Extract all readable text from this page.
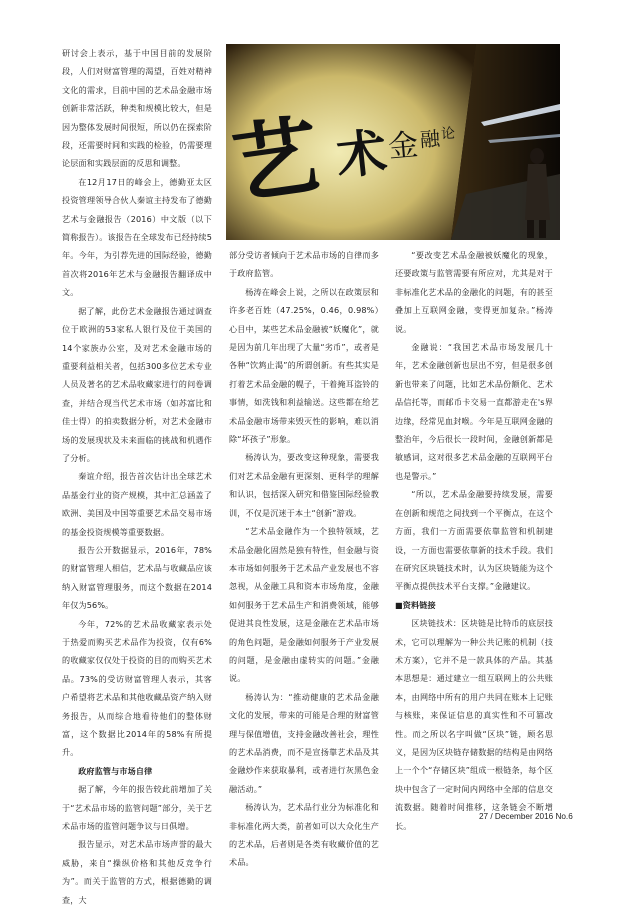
艺 术
金 融 论

研讨会上表示，基于中国目前的发展阶段，人们对财富管理的渴望，百姓对精神文化的需求，目前中国的艺术品金融市场创新非常活跃，种类和规模比较大，但是因为整体发展时间很短，所以仍在探索阶段，还需要时间和实践的检验，仍需要理论层面和实践层面的反思和调整。

在12月17日的峰会上，德勤亚太区投资管理领导合伙人秦谊主持发布了德勤艺术与金融报告（2016）中文版（以下简称报告）。该报告在全球发布已经持续5年。今年，为引荐先进的国际经验，德勤首次将2016年艺术与金融报告翻译成中文。

据了解，此份艺术金融报告通过调查位于欧洲的53家私人银行及位于美国的14个家族办公室，及对艺术金融市场的重要利益相关者，包括300多位艺术专业人员及著名的艺术品收藏家进行的问卷调查，并结合现当代艺术市场（如苏富比和佳士得）的拍卖数据分析，对艺术金融市场的发展现状及未来面临的挑战和机遇作了分析。

秦谊介绍，报告首次估计出全球艺术品基金行业的资产规模，其中汇总涵盖了欧洲、美国及中国等重要艺术品交易市场的基金投资规模等重要数据。

报告公开数据显示，2016年，78%的财富管理人相信，艺术品与收藏品应该纳入财富管理服务，而这个数据在2014年仅为56%。

今年，72%的艺术品收藏家表示处于热爱而购买艺术品作为投资，仅有6%的收藏家仅仅处于投资的目的而购买艺术品。73%的受访财富管理人表示，其客户希望将艺术品和其他收藏品资产纳入财务报告，从而综合地看待他们的整体财富，这个数据比2014年的58%有所提升。

政府监管与市场自律

据了解，今年的报告较此前增加了关于“艺术品市场的监管问题”部分，关于艺术品市场的监管问题争议与日俱增。

报告显示，对艺术品市场声誉的最大威胁，来自“操纵价格和其他反竞争行为”。而关于监管的方式，根据德勤的调查，大

部分受访者倾向于艺术品市场的自律而多于政府监管。

杨涛在峰会上说，之所以在政策层和许多老百姓（47.25%，0.46，0.98%）心目中，某些艺术品金融被“妖魔化”，就是因为前几年出现了大量“劣币”，或者是各种“饮鸩止渴”的所谓创新。有些其实是打着艺术品金融的幌子，干着掩耳盗铃的事情，如洗钱和利益输送。这些都在给艺术品金融市场带来毁灭性的影响，难以消除“坏孩子”形象。

杨涛认为，要改变这种现象，需要我们对艺术品金融有更深刻、更科学的理解和认识，包括深入研究和借鉴国际经验教训，不仅是沉迷于本土“创新”游戏。

“艺术品金融作为一个独特领域，艺术品金融化固然是独有特性，但金融与资本市场如何服务于艺术品产业发展也不容忽视，从金融工具和资本市场角度，金融如何服务于艺术品生产和消费领域，能够促进其良性发展，这是金融在艺术品市场的角色问题，是金融如何服务于产业发展的问题，是金融由虚转实的问题。”金融说。

杨涛认为：“推动健康的艺术品金融文化的发展，带来的可能是合理的财富管理与保值增值，支持金融改善社会，理性的艺术品消费，而不是宣扬靠艺术品及其金融炒作来获取暴利，或者进行灰黑色金融活动。”

杨涛认为，艺术品行业分为标准化和非标准化两大类，前者如可以大众化生产的艺术品，后者则是各类有收藏价值的艺术品。

“要改变艺术品金融被妖魔化的现象，还要政策与监管需要有所应对，尤其是对于非标准化艺术品的金融化的问题，有的甚至叠加上互联网金融，变得更加复杂。”杨涛说。

金融说：“我国艺术品市场发展几十年，艺术金融创新也层出不穷，但是很多创新也带来了问题，比如艺术品份额化、艺术品信托等，而邮币卡交易一直都游走在's界边缘，经常见血封喉。今年是互联网金融的整治年，今后很长一段时间，金融创新都是敏感词，这对很多艺术品金融的互联网平台也是警示。”

“所以，艺术品金融要持续发展，需要在创新和规范之间找到一个平衡点，在这个方面，我们一方面需要依靠监管和机制建设，一方面也需要依靠新的技术手段。我们在研究区块链技术时，认为区块链能为这个平衡点提供技术平台支撑。”金融建议。

■资料链接

区块链技术：区块链是比特币的底层技术，它可以理解为一种公共记账的机制（技术方案），它并不是一款具体的产品。其基本思想是：通过建立一组互联网上的公共账本，由网络中所有的用户共同在账本上记账与核账，来保证信息的真实性和不可篡改性。而之所以名字叫做“区块”链，顾名思义，是因为区块链存储数据的结构是由网络上一个个“存储区块”组成一根链条，每个区块中包含了一定时间内网络中全部的信息交流数据。随着时间推移，这条链会不断增长。

27 / December 2016 No.6
